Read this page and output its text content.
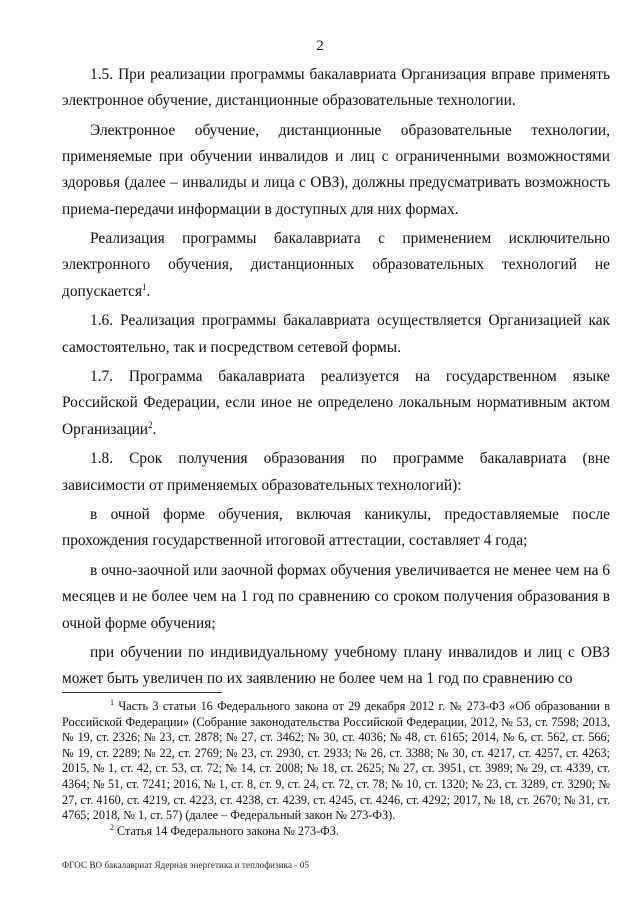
2

1.5. При реализации программы бакалавриата Организация вправе применять электронное обучение, дистанционные образовательные технологии.

Электронное обучение, дистанционные образовательные технологии, применяемые при обучении инвалидов и лиц с ограниченными возможностями здоровья (далее – инвалиды и лица с ОВЗ), должны предусматривать возможность приема-передачи информации в доступных для них формах.

Реализация программы бакалавриата с применением исключительно электронного обучения, дистанционных образовательных технологий не допускается$^1$.

1.6. Реализация программы бакалавриата осуществляется Организацией как самостоятельно, так и посредством сетевой формы.

1.7. Программа бакалавриата реализуется на государственном языке Российской Федерации, если иное не определено локальным нормативным актом Организации$^2$.

1.8. Срок получения образования по программе бакалавриата (вне зависимости от применяемых образовательных технологий):

в очной форме обучения, включая каникулы, предоставляемые после прохождения государственной итоговой аттестации, составляет 4 года;

в очно-заочной или заочной формах обучения увеличивается не менее чем на 6 месяцев и не более чем на 1 год по сравнению со сроком получения образования в очной форме обучения;

при обучении по индивидуальному учебному плану инвалидов и лиц с ОВЗ может быть увеличен по их заявлению не более чем на 1 год по сравнению со

$^1$ Часть 3 статьи 16 Федерального закона от 29 декабря 2012 г. № 273-ФЗ «Об образовании в Российской Федерации» (Собрание законодательства Российской Федерации, 2012, № 53, ст. 7598; 2013, № 19, ст. 2326; № 23, ст. 2878; № 27, ст. 3462; № 30, ст. 4036; № 48, ст. 6165; 2014, № 6, ст. 562, ст. 566; № 19, ст. 2289; № 22, ст. 2769; № 23, ст. 2930, ст. 2933; № 26, ст. 3388; № 30, ст. 4217, ст. 4257, ст. 4263; 2015, № 1, ст. 42, ст. 53, ст. 72; № 14, ст. 2008; № 18, ст. 2625; № 27, ст. 3951, ст. 3989; № 29, ст. 4339, ст. 4364; № 51, ст. 7241; 2016, № 1, ст. 8, ст. 9, ст. 24, ст. 72, ст. 78; № 10, ст. 1320; № 23, ст. 3289, ст. 3290; № 27, ст. 4160, ст. 4219, ст. 4223, ст. 4238, ст. 4239, ст. 4245, ст. 4246, ст. 4292; 2017, № 18, ст. 2670; № 31, ст. 4765; 2018, № 1, ст. 57) (далее – Федеральный закон № 273-ФЗ).

$^2$ Статья 14 Федерального закона № 273-ФЗ.

ФГОС ВО бакалавриат Ядерная энергетика и теплофизика - 05
